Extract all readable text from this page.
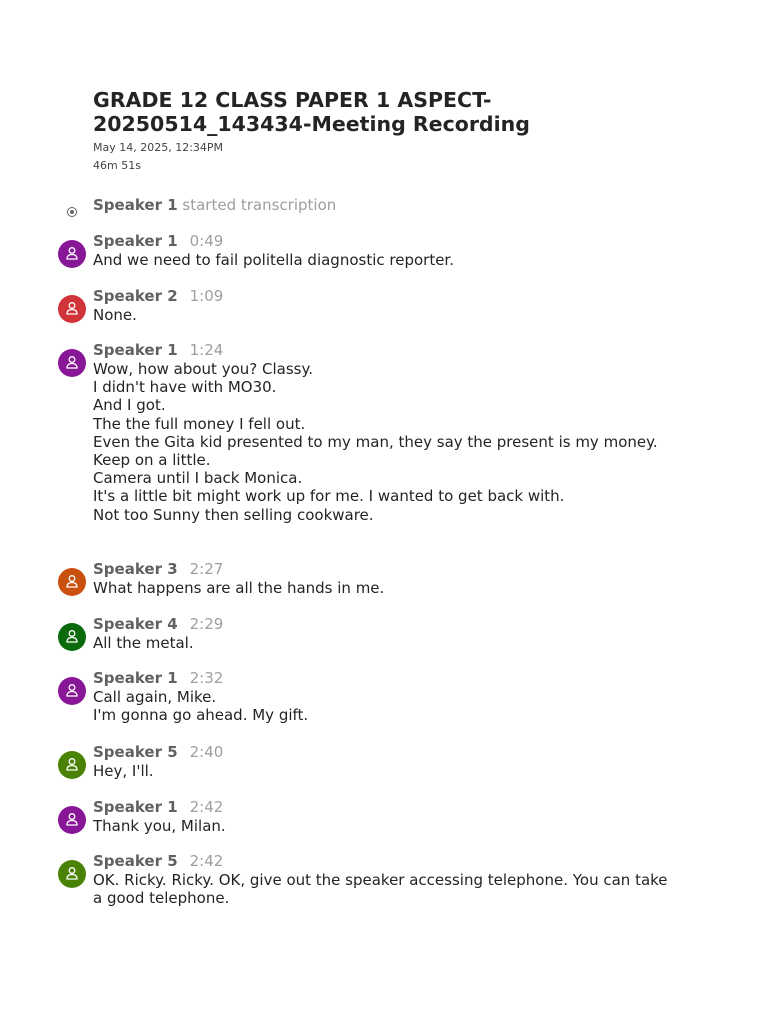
GRADE 12 CLASS PAPER 1 ASPECT-20250514_143434-Meeting Recording
May 14, 2025, 12:34PM
46m 51s
Speaker 1 started transcription
Speaker 1 0:49
And we need to fail politella diagnostic reporter.
Speaker 2 1:09
None.
Speaker 1 1:24
Wow, how about you? Classy.
I didn't have with MO30.
And I got.
The the full money I fell out.
Even the Gita kid presented to my man, they say the present is my money.
Keep on a little.
Camera until I back Monica.
It's a little bit might work up for me. I wanted to get back with.
Not too Sunny then selling cookware.
Speaker 3 2:27
What happens are all the hands in me.
Speaker 4 2:29
All the metal.
Speaker 1 2:32
Call again, Mike.
I'm gonna go ahead. My gift.
Speaker 5 2:40
Hey, I'll.
Speaker 1 2:42
Thank you, Milan.
Speaker 5 2:42
OK. Ricky. Ricky. OK, give out the speaker accessing telephone. You can take a good telephone.
